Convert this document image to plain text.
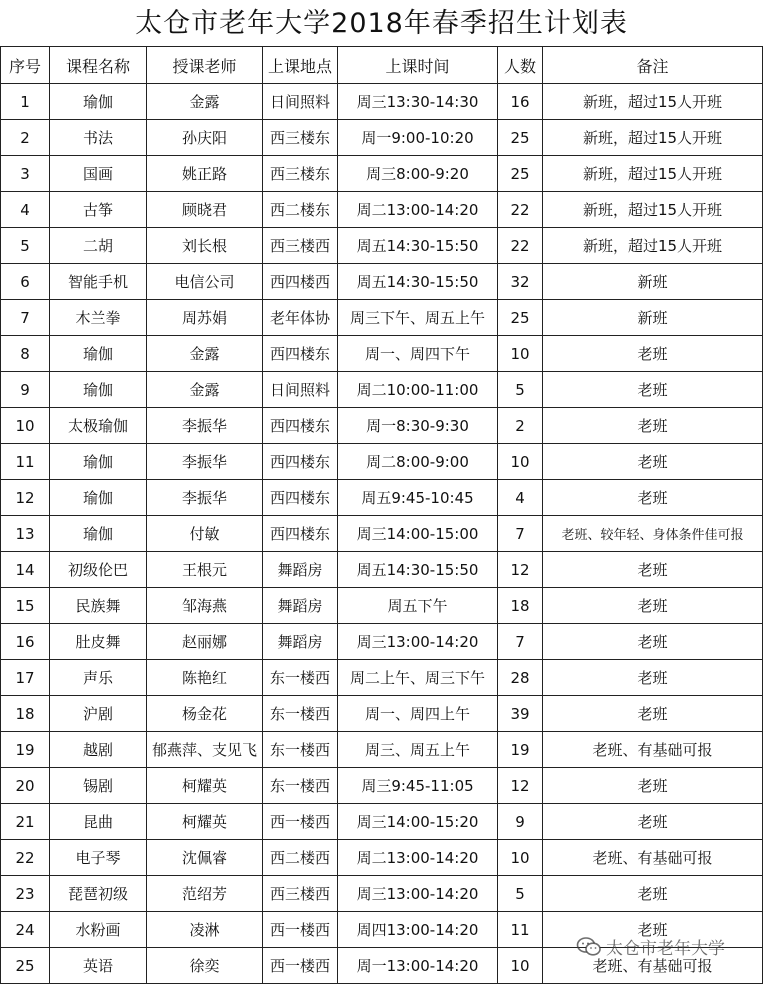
太仓市老年大学2018年春季招生计划表
序号	课程名称	授课老师	上课地点	上课时间	人数	备注
1	瑜伽	金露	日间照料	周三13:30-14:30	16	新班，超过15人开班
2	书法	孙庆阳	西三楼东	周一9:00-10:20	25	新班，超过15人开班
3	国画	姚正路	西三楼东	周三8:00-9:20	25	新班，超过15人开班
4	古筝	顾晓君	西二楼东	周二13:00-14:20	22	新班，超过15人开班
5	二胡	刘长根	西三楼西	周五14:30-15:50	22	新班，超过15人开班
6	智能手机	电信公司	西四楼西	周五14:30-15:50	32	新班
7	木兰拳	周苏娟	老年体协	周三下午、周五上午	25	新班
8	瑜伽	金露	西四楼东	周一、周四下午	10	老班
9	瑜伽	金露	日间照料	周二10:00-11:00	5	老班
10	太极瑜伽	李振华	西四楼东	周一8:30-9:30	2	老班
11	瑜伽	李振华	西四楼东	周二8:00-9:00	10	老班
12	瑜伽	李振华	西四楼东	周五9:45-10:45	4	老班
13	瑜伽	付敏	西四楼东	周三14:00-15:00	7	老班、较年轻、身体条件佳可报
14	初级伦巴	王根元	舞蹈房	周五14:30-15:50	12	老班
15	民族舞	邹海燕	舞蹈房	周五下午	18	老班
16	肚皮舞	赵丽娜	舞蹈房	周三13:00-14:20	7	老班
17	声乐	陈艳红	东一楼西	周二上午、周三下午	28	老班
18	沪剧	杨金花	东一楼西	周一、周四上午	39	老班
19	越剧	郁燕萍、支见飞	东一楼西	周三、周五上午	19	老班、有基础可报
20	锡剧	柯耀英	东一楼西	周三9:45-11:05	12	老班
21	昆曲	柯耀英	西一楼西	周三14:00-15:20	9	老班
22	电子琴	沈佩睿	西二楼西	周二13:00-14:20	10	老班、有基础可报
23	琵琶初级	范绍芳	西三楼西	周三13:00-14:20	5	老班
24	水粉画	凌淋	西一楼西	周四13:00-14:20	11	老班
25	英语	徐奕	西一楼西	周一13:00-14:20	10	老班、有基础可报
太仓市老年大学
